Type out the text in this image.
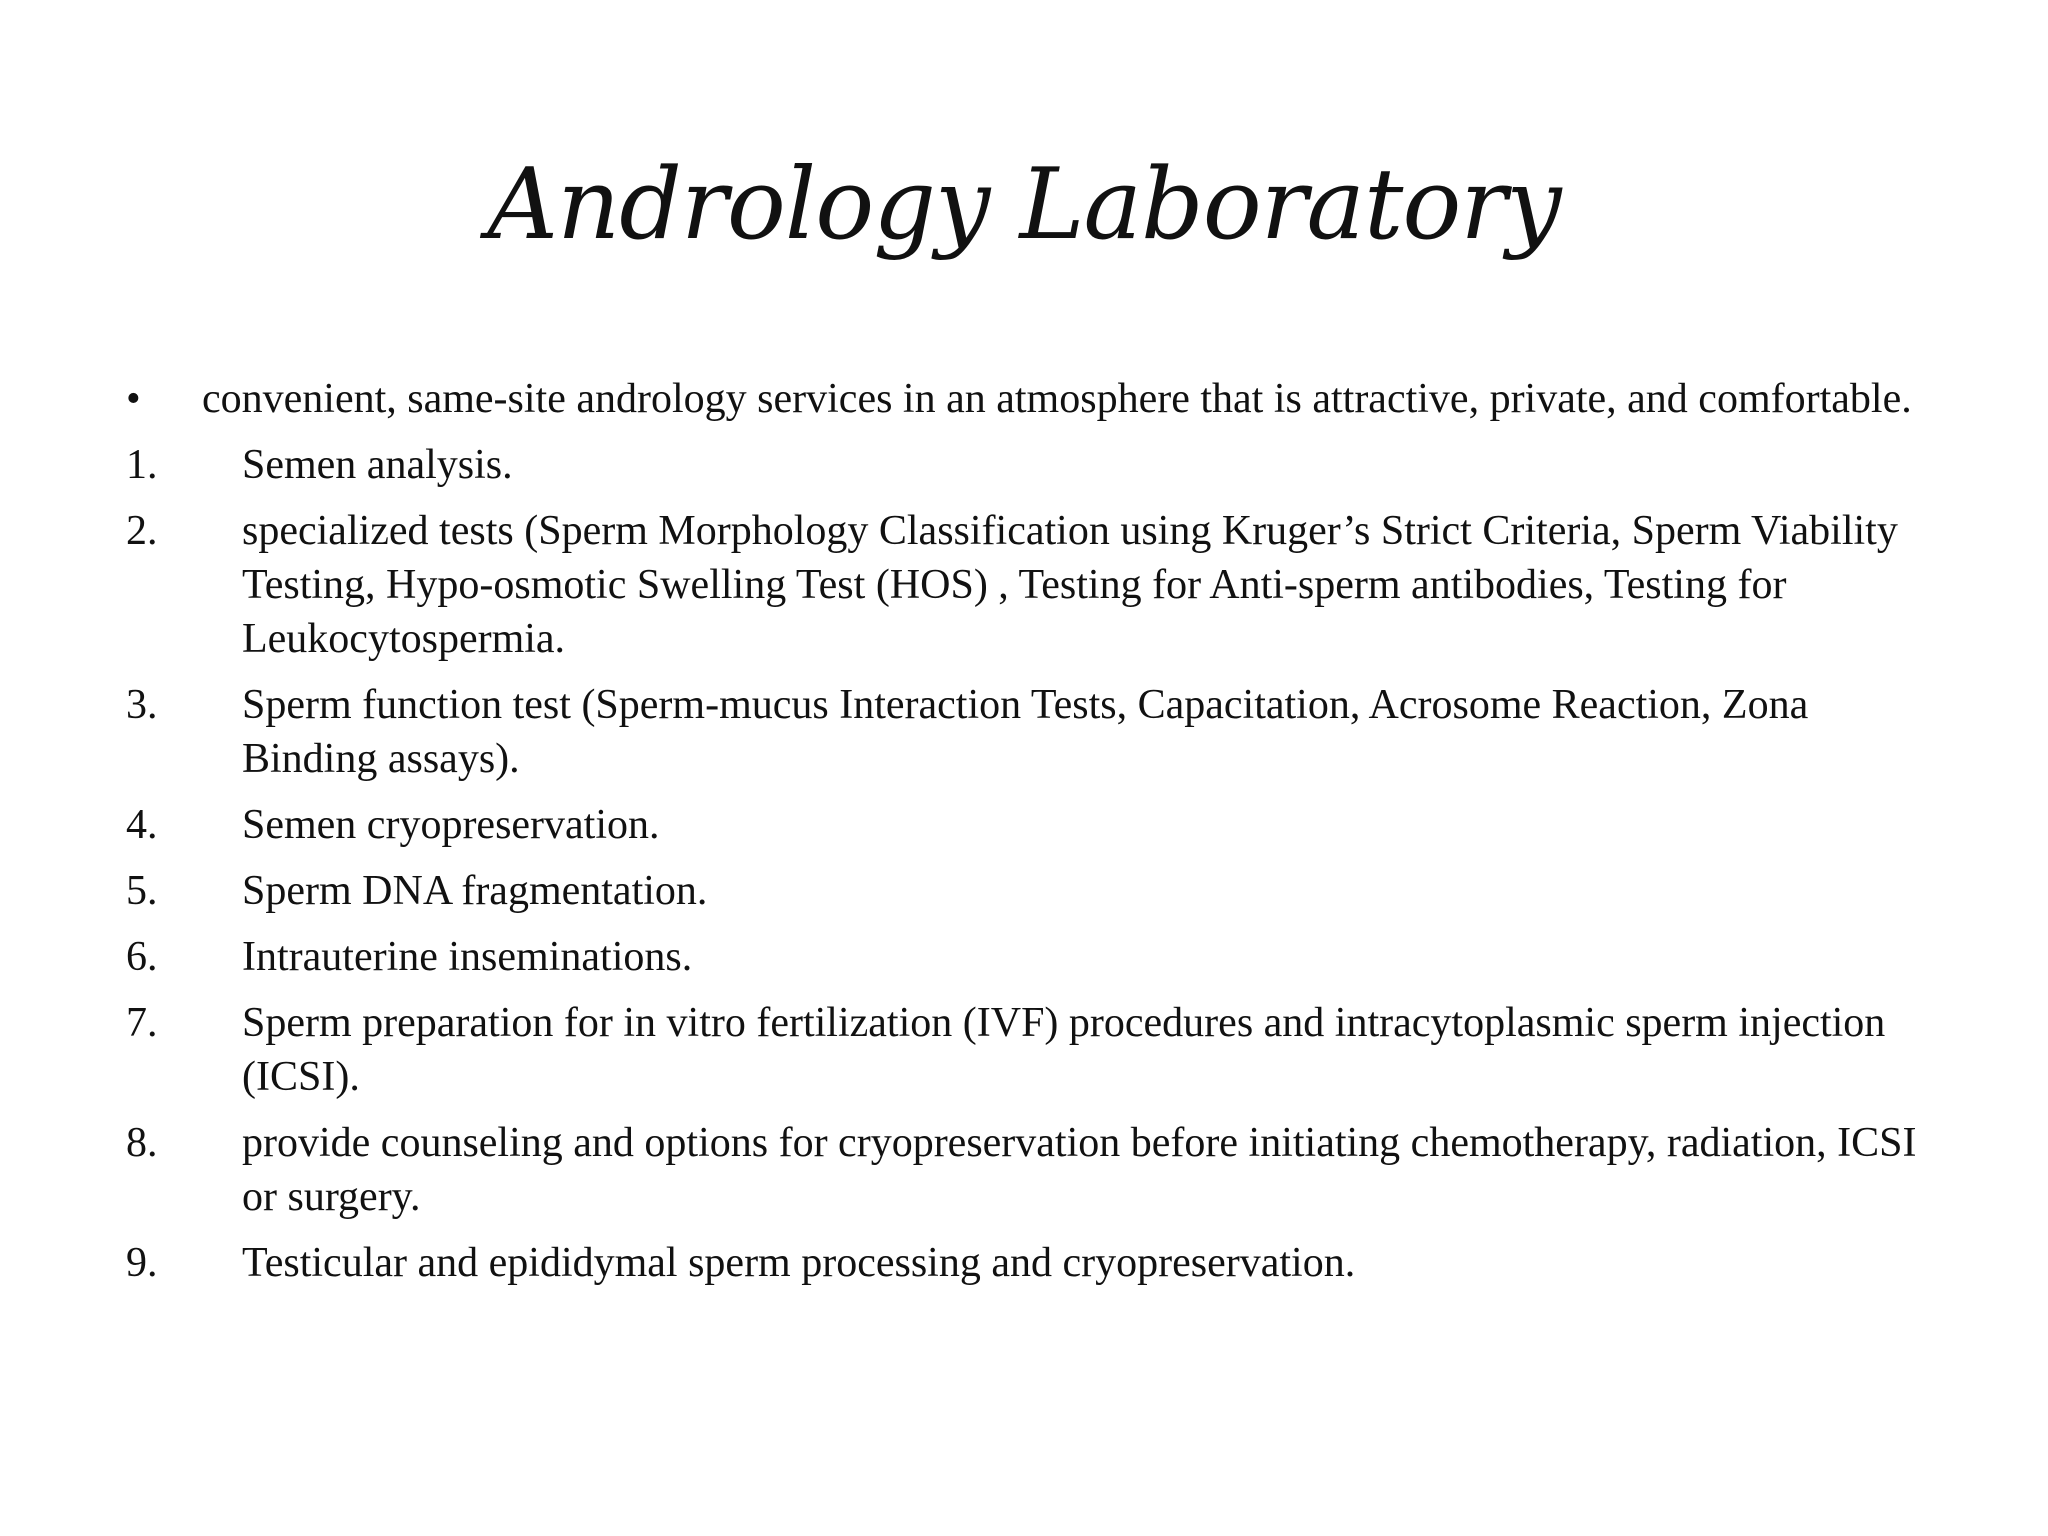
Andrology Laboratory
•	convenient, same-site andrology services in an atmosphere that is attractive, private, and comfortable.
1.	Semen analysis.
2.	specialized tests (Sperm Morphology Classification using Kruger’s Strict Criteria, Sperm Viability Testing, Hypo-osmotic Swelling Test (HOS) , Testing for Anti-sperm antibodies, Testing for Leukocytospermia.
3.	Sperm function test (Sperm-mucus Interaction Tests, Capacitation, Acrosome Reaction, Zona Binding assays).
4.	Semen cryopreservation.
5.	Sperm DNA fragmentation.
6.	Intrauterine inseminations.
7.	Sperm preparation for in vitro fertilization (IVF) procedures and intracytoplasmic sperm injection (ICSI).
8.	provide counseling and options for cryopreservation before initiating chemotherapy, radiation, ICSI or surgery.
9.	Testicular and epididymal sperm processing and cryopreservation.
